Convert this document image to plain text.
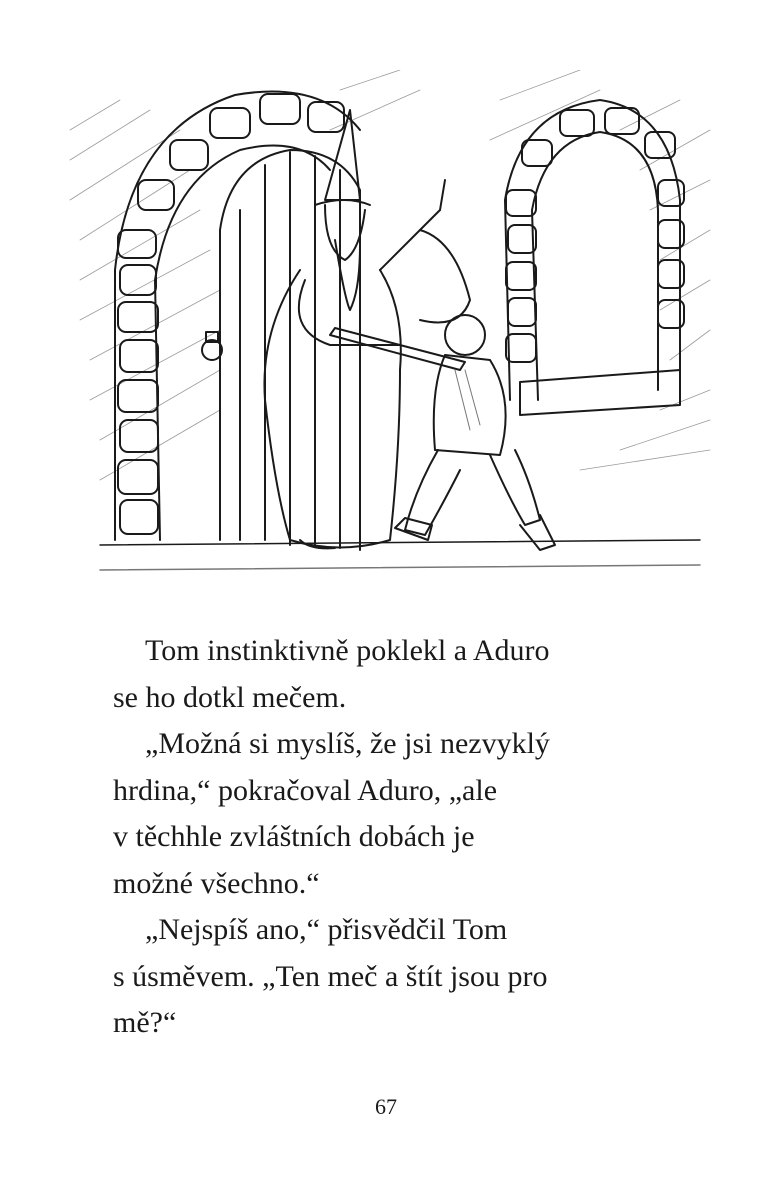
Tom instinktivně poklekl a Aduro
se ho dotkl mečem.
„Možná si myslíš, že jsi nezvyklý
hrdina,“ pokračoval Aduro, „ale
v těchhle zvláštních dobách je
možné všechno.“
„Nejspíš ano,“ přisvědčil Tom
s úsměvem. „Ten meč a štít jsou pro
mě?“
67
